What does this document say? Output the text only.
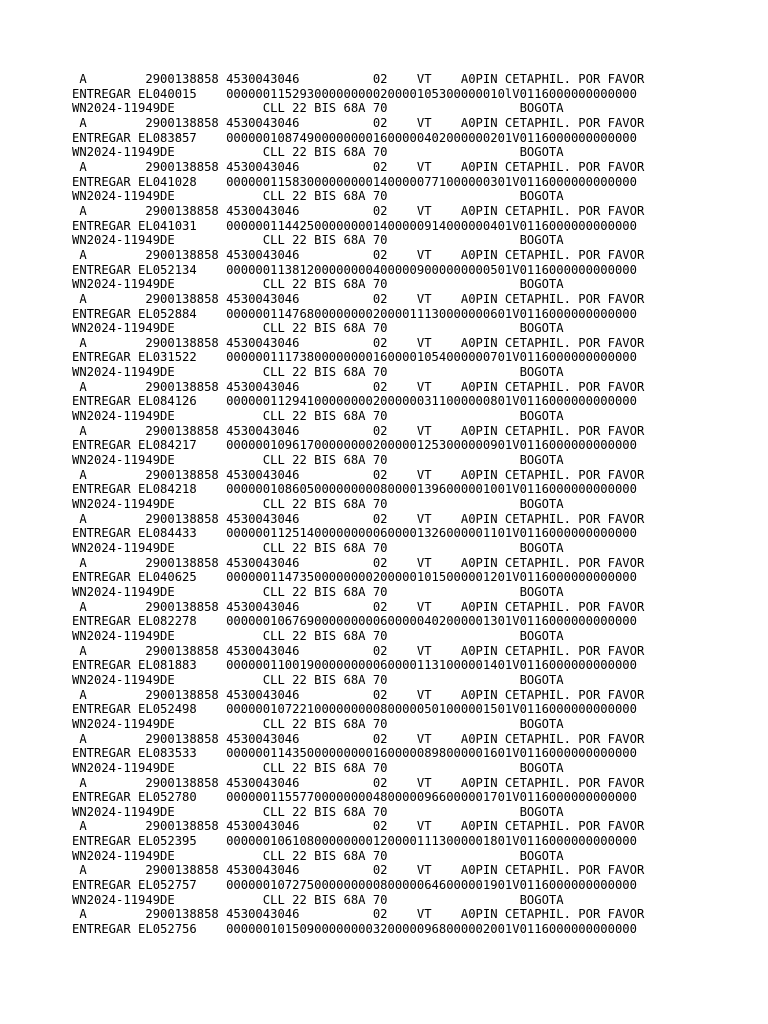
A        2900138858 4530043046          02    VT    A0PIN CETAPHIL. POR FAVOR
ENTREGAR EL040015    00000011529300000000020000105300000010lV0116000000000000
WN2024-11949DE            CLL 22 BIS 68A 70                  BOGOTA
A        2900138858 4530043046          02    VT    A0PIN CETAPHIL. POR FAVOR
ENTREGAR EL083857    000000108749000000001600000402000000201V0116000000000000
WN2024-11949DE            CLL 22 BIS 68A 70                  BOGOTA
A        2900138858 4530043046          02    VT    A0PIN CETAPHIL. POR FAVOR
ENTREGAR EL041028    000000115830000000001400000771000000301V0116000000000000
WN2024-11949DE            CLL 22 BIS 68A 70                  BOGOTA
A        2900138858 4530043046          02    VT    A0PIN CETAPHIL. POR FAVOR
ENTREGAR EL041031    000000114425000000001400000914000000401V0116000000000000
WN2024-11949DE            CLL 22 BIS 68A 70                  BOGOTA
A        2900138858 4530043046          02    VT    A0PIN CETAPHIL. POR FAVOR
ENTREGAR EL052134    000000113812000000004000009000000000501V0116000000000000
WN2024-11949DE            CLL 22 BIS 68A 70                  BOGOTA
A        2900138858 4530043046          02    VT    A0PIN CETAPHIL. POR FAVOR
ENTREGAR EL052884    000000114768000000002000011130000000601V0116000000000000
WN2024-11949DE            CLL 22 BIS 68A 70                  BOGOTA
A        2900138858 4530043046          02    VT    A0PIN CETAPHIL. POR FAVOR
ENTREGAR EL031522    000000111738000000001600001054000000701V0116000000000000
WN2024-11949DE            CLL 22 BIS 68A 70                  BOGOTA
A        2900138858 4530043046          02    VT    A0PIN CETAPHIL. POR FAVOR
ENTREGAR EL084126    000000112941000000002000000311000000801V0116000000000000
WN2024-11949DE            CLL 22 BIS 68A 70                  BOGOTA
A        2900138858 4530043046          02    VT    A0PIN CETAPHIL. POR FAVOR
ENTREGAR EL084217    000000109617000000002000001253000000901V0116000000000000
WN2024-11949DE            CLL 22 BIS 68A 70                  BOGOTA
A        2900138858 4530043046          02    VT    A0PIN CETAPHIL. POR FAVOR
ENTREGAR EL084218    000000108605000000000800001396000001001V0116000000000000
WN2024-11949DE            CLL 22 BIS 68A 70                  BOGOTA
A        2900138858 4530043046          02    VT    A0PIN CETAPHIL. POR FAVOR
ENTREGAR EL084433    000000112514000000000600001326000001101V0116000000000000
WN2024-11949DE            CLL 22 BIS 68A 70                  BOGOTA
A        2900138858 4530043046          02    VT    A0PIN CETAPHIL. POR FAVOR
ENTREGAR EL040625    000000114735000000002000001015000001201V0116000000000000
WN2024-11949DE            CLL 22 BIS 68A 70                  BOGOTA
A        2900138858 4530043046          02    VT    A0PIN CETAPHIL. POR FAVOR
ENTREGAR EL082278    000000106769000000000600000402000001301V0116000000000000
WN2024-11949DE            CLL 22 BIS 68A 70                  BOGOTA
A        2900138858 4530043046          02    VT    A0PIN CETAPHIL. POR FAVOR
ENTREGAR EL081883    000000110019000000000600001131000001401V0116000000000000
WN2024-11949DE            CLL 22 BIS 68A 70                  BOGOTA
A        2900138858 4530043046          02    VT    A0PIN CETAPHIL. POR FAVOR
ENTREGAR EL052498    000000107221000000000800000501000001501V0116000000000000
WN2024-11949DE            CLL 22 BIS 68A 70                  BOGOTA
A        2900138858 4530043046          02    VT    A0PIN CETAPHIL. POR FAVOR
ENTREGAR EL083533    000000114350000000001600000898000001601V0116000000000000
WN2024-11949DE            CLL 22 BIS 68A 70                  BOGOTA
A        2900138858 4530043046          02    VT    A0PIN CETAPHIL. POR FAVOR
ENTREGAR EL052780    000000115577000000004800000966000001701V0116000000000000
WN2024-11949DE            CLL 22 BIS 68A 70                  BOGOTA
A        2900138858 4530043046          02    VT    A0PIN CETAPHIL. POR FAVOR
ENTREGAR EL052395    000000106108000000001200001113000001801V0116000000000000
WN2024-11949DE            CLL 22 BIS 68A 70                  BOGOTA
A        2900138858 4530043046          02    VT    A0PIN CETAPHIL. POR FAVOR
ENTREGAR EL052757    000000107275000000000800000646000001901V0116000000000000
WN2024-11949DE            CLL 22 BIS 68A 70                  BOGOTA
A        2900138858 4530043046          02    VT    A0PIN CETAPHIL. POR FAVOR
ENTREGAR EL052756    000000101509000000003200000968000002001V0116000000000000
